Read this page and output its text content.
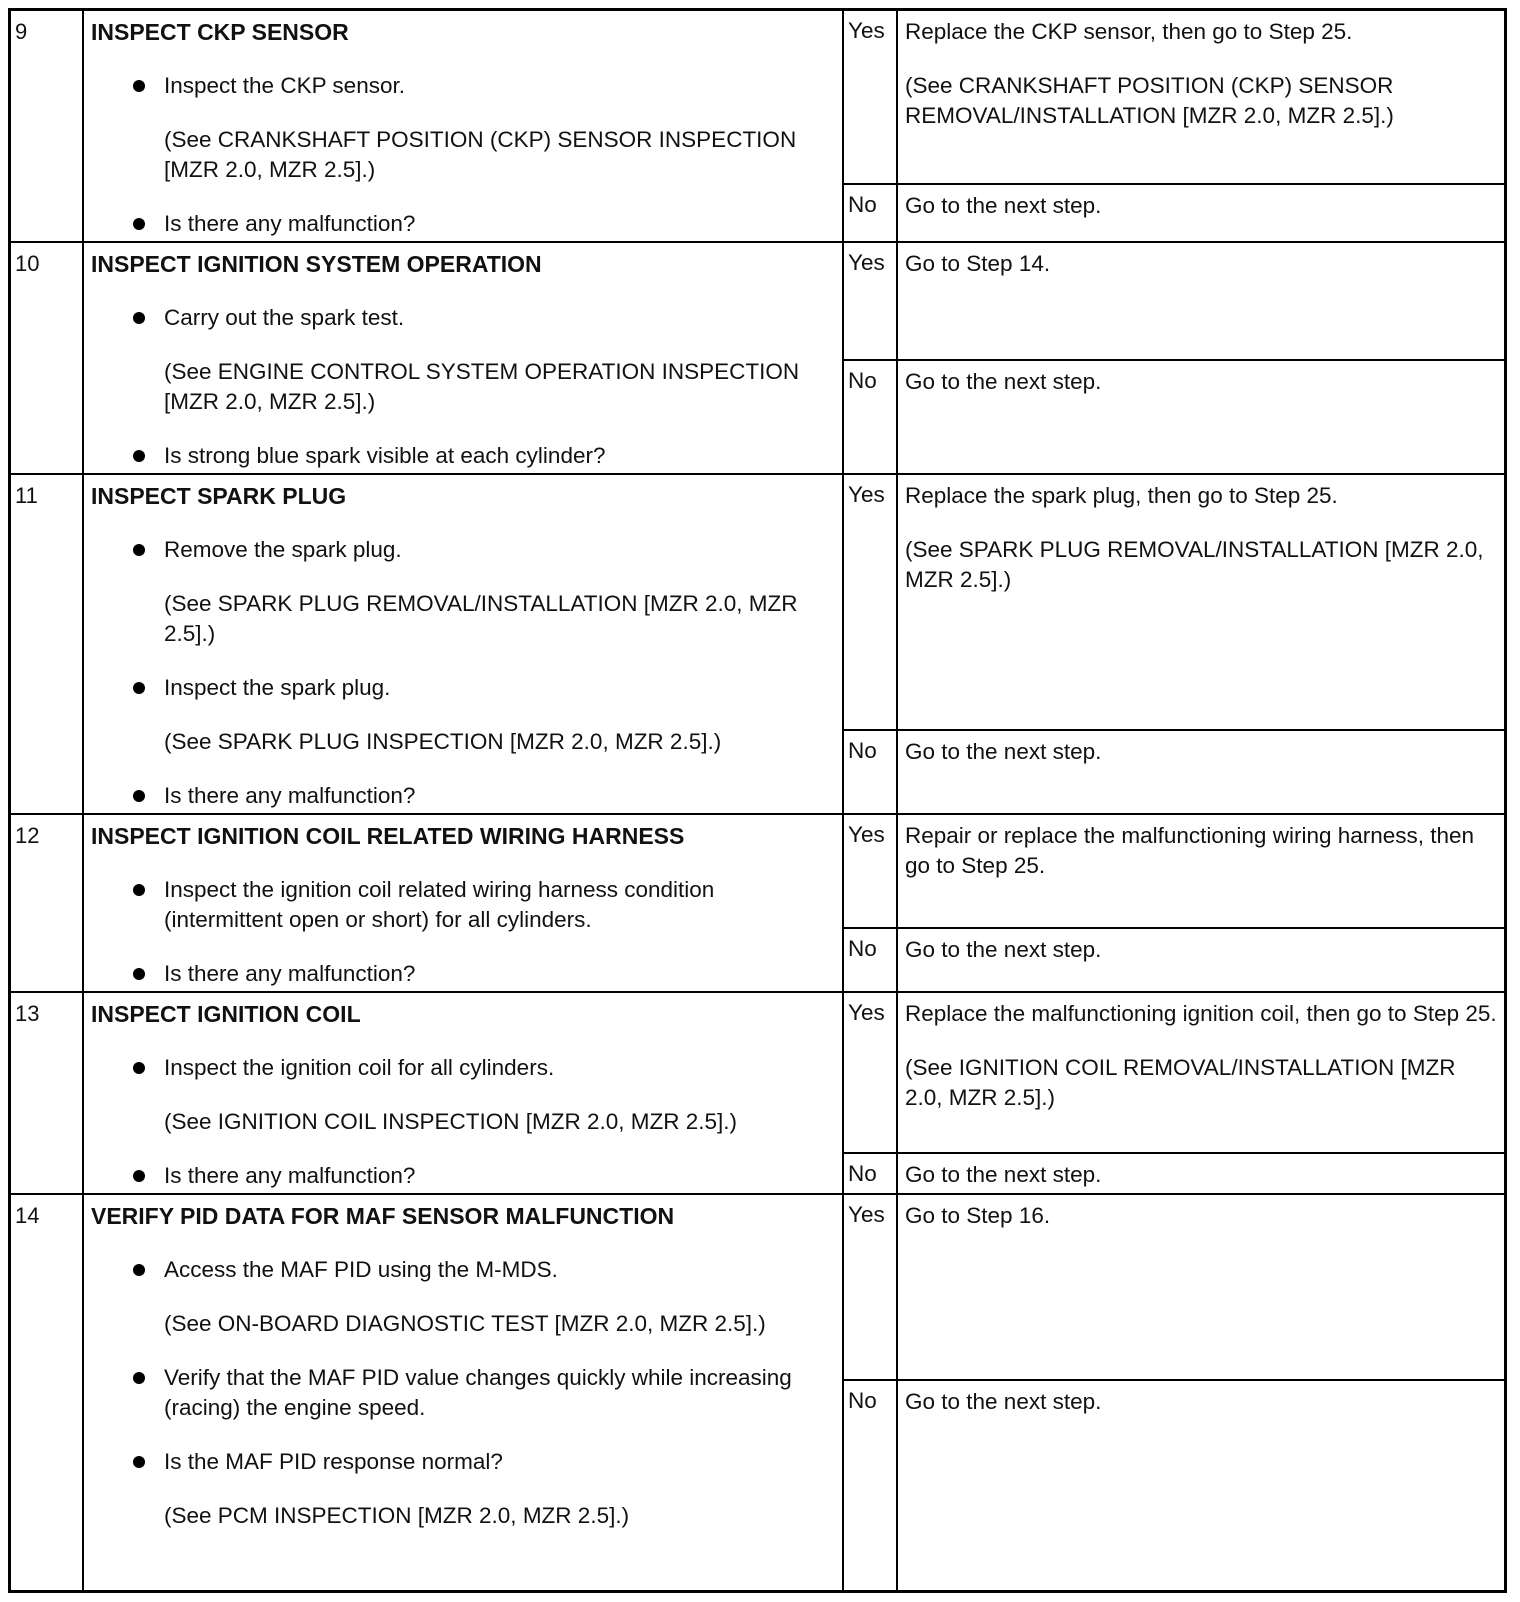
9	INSPECT CKP SENSOR
Inspect the CKP sensor.
(See CRANKSHAFT POSITION (CKP) SENSOR INSPECTION [MZR 2.0, MZR 2.5].)
Is there any malfunction?
Yes Replace the CKP sensor, then go to Step 25.

(See CRANKSHAFT POSITION (CKP) SENSOR REMOVAL/INSTALLATION [MZR 2.0, MZR 2.5].)

No	Go to the next step.

10	INSPECT IGNITION SYSTEM OPERATION
Carry out the spark test.
(See ENGINE CONTROL SYSTEM OPERATION INSPECTION [MZR 2.0, MZR 2.5].)
Is strong blue spark visible at each cylinder?
Yes Go to Step 14.

No	Go to the next step.

11	INSPECT SPARK PLUG
Remove the spark plug.
(See SPARK PLUG REMOVAL/INSTALLATION [MZR 2.0, MZR 2.5].)
Inspect the spark plug.
(See SPARK PLUG INSPECTION [MZR 2.0, MZR 2.5].)
Is there any malfunction?
Yes Replace the spark plug, then go to Step 25.

(See SPARK PLUG REMOVAL/INSTALLATION [MZR 2.0, MZR 2.5].)

No	Go to the next step.

12	INSPECT IGNITION COIL RELATED WIRING HARNESS
Inspect the ignition coil related wiring harness condition (intermittent open or short) for all cylinders.
Is there any malfunction?
Yes Repair or replace the malfunctioning wiring harness, then go to Step 25.

No	Go to the next step.

13	INSPECT IGNITION COIL
Inspect the ignition coil for all cylinders.
(See IGNITION COIL INSPECTION [MZR 2.0, MZR 2.5].)
Is there any malfunction?
Yes Replace the malfunctioning ignition coil, then go to Step 25.

(See IGNITION COIL REMOVAL/INSTALLATION [MZR 2.0, MZR 2.5].)

No	Go to the next step.

14	VERIFY PID DATA FOR MAF SENSOR MALFUNCTION
Access the MAF PID using the M-MDS.
(See ON-BOARD DIAGNOSTIC TEST [MZR 2.0, MZR 2.5].)
Verify that the MAF PID value changes quickly while increasing (racing) the engine speed.
Is the MAF PID response normal?
(See PCM INSPECTION [MZR 2.0, MZR 2.5].)
Yes Go to Step 16.

No	Go to the next step.
